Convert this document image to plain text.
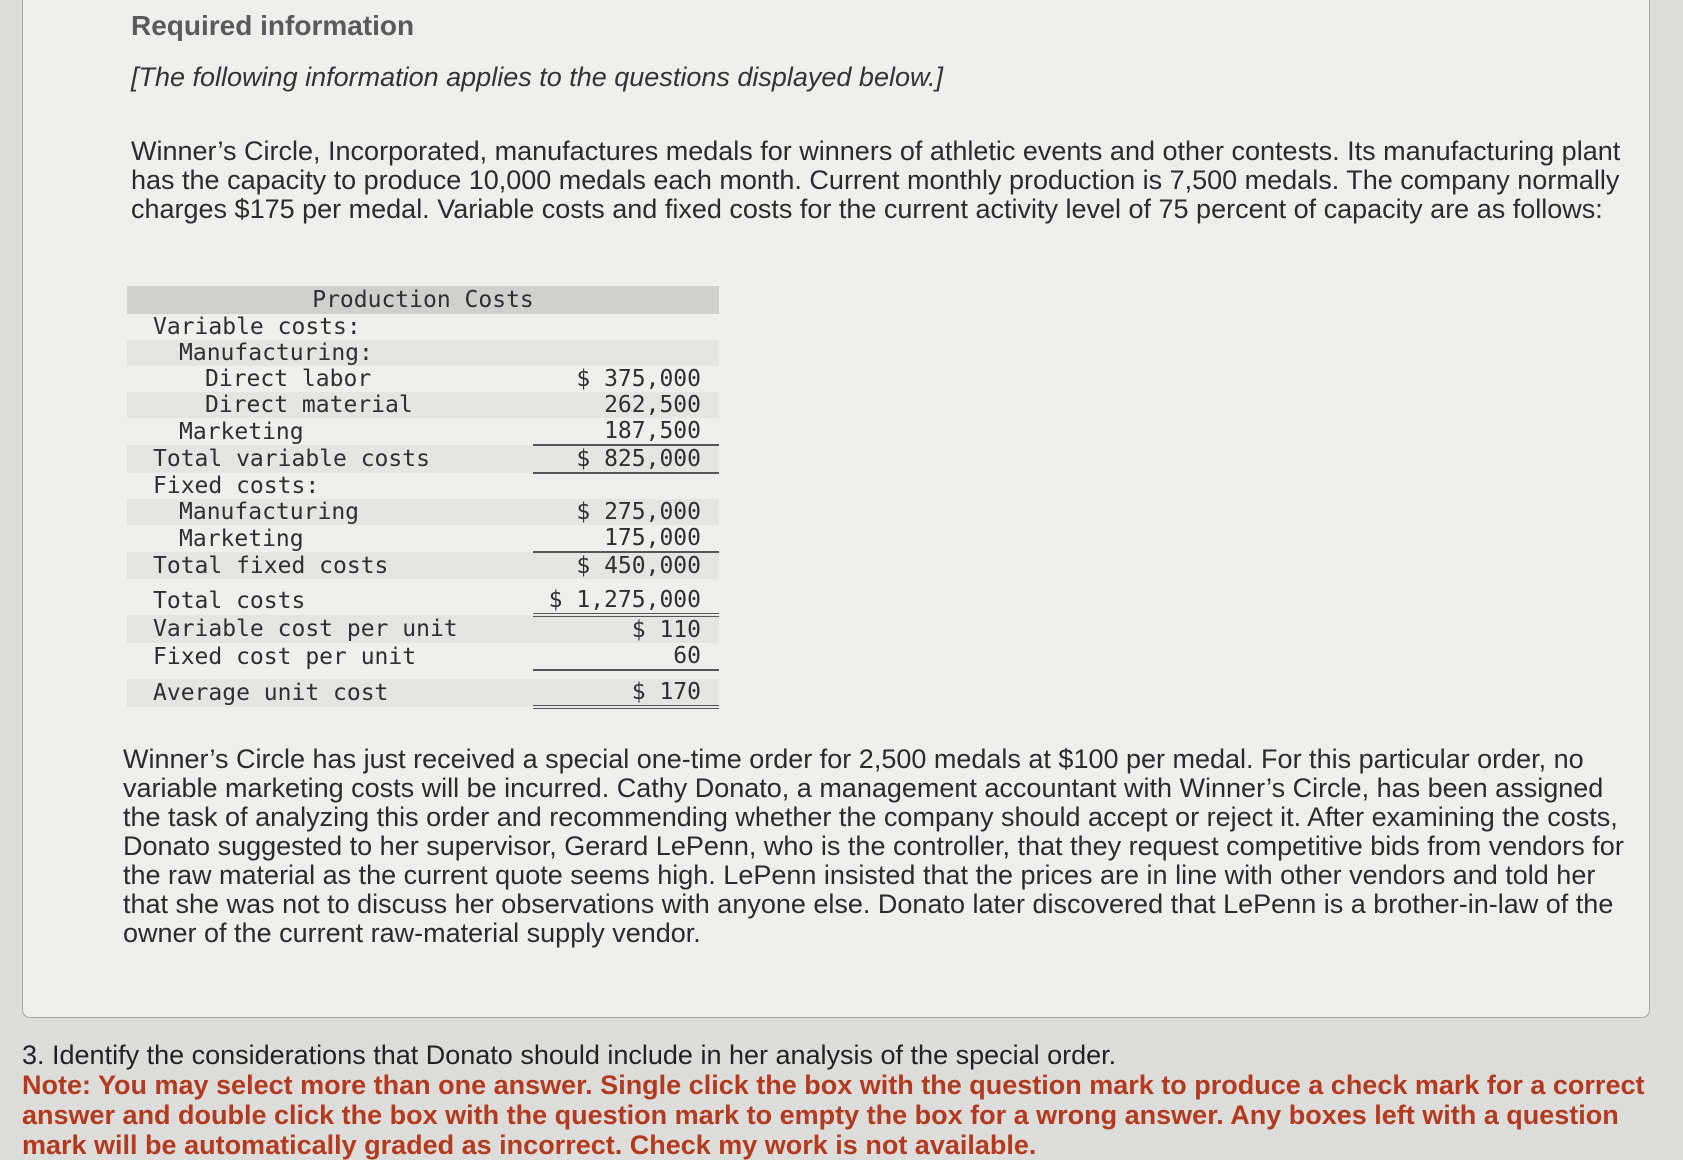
Required information
[The following information applies to the questions displayed below.]
Winner’s Circle, Incorporated, manufactures medals for winners of athletic events and other contests. Its manufacturing plant has the capacity to produce 10,000 medals each month. Current monthly production is 7,500 medals. The company normally charges $175 per medal. Variable costs and fixed costs for the current activity level of 75 percent of capacity are as follows:
Production Costs	
Variable costs:	
Manufacturing:	
Direct labor	$ 375,000
Direct material	262,500
Marketing	187,500
Total variable costs	$ 825,000
Fixed costs:	
Manufacturing	$ 275,000
Marketing	175,000
Total fixed costs	$ 450,000

Total costs	$ 1,275,000
Variable cost per unit	$ 110
Fixed cost per unit	60

Average unit cost	$ 170
Winner’s Circle has just received a special one-time order for 2,500 medals at $100 per medal. For this particular order, no variable marketing costs will be incurred. Cathy Donato, a management accountant with Winner’s Circle, has been assigned the task of analyzing this order and recommending whether the company should accept or reject it. After examining the costs, Donato suggested to her supervisor, Gerard LePenn, who is the controller, that they request competitive bids from vendors for the raw material as the current quote seems high. LePenn insisted that the prices are in line with other vendors and told her that she was not to discuss her observations with anyone else. Donato later discovered that LePenn is a brother-in-law of the owner of the current raw-material supply vendor.
3. Identify the considerations that Donato should include in her analysis of the special order.
Note: You may select more than one answer. Single click the box with the question mark to produce a check mark for a correct answer and double click the box with the question mark to empty the box for a wrong answer. Any boxes left with a question mark will be automatically graded as incorrect. Check my work is not available.
